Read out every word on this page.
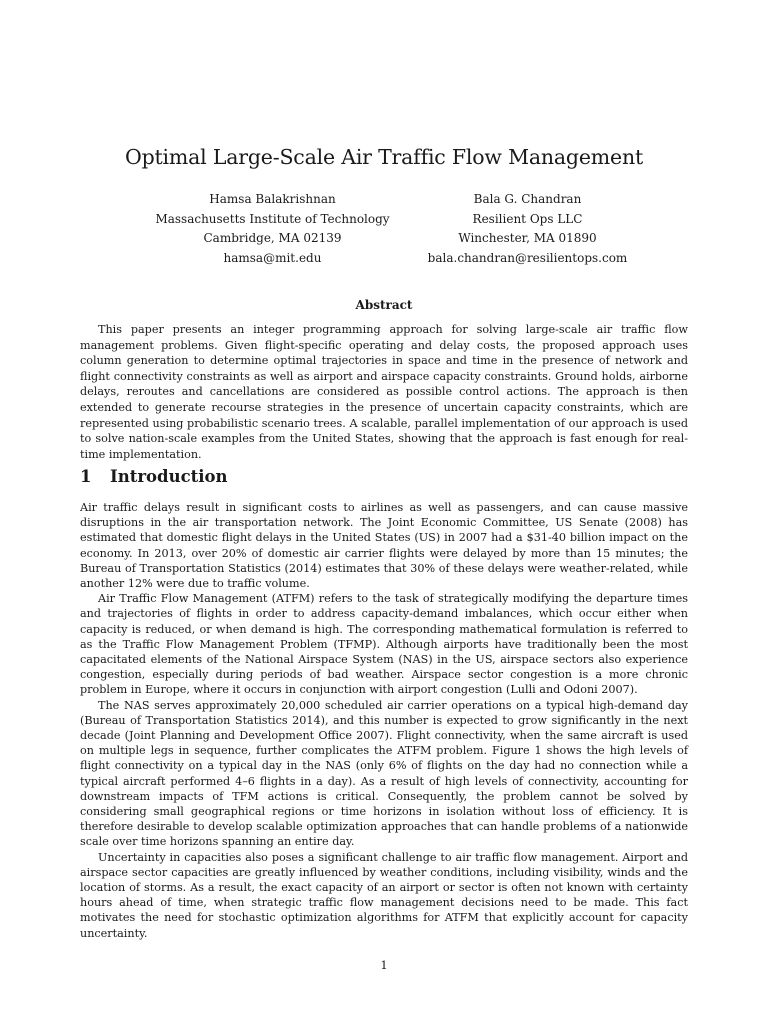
Optimal Large-Scale Air Traffic Flow Management
Hamsa Balakrishnan
Massachusetts Institute of Technology
Cambridge, MA 02139
hamsa@mit.edu
Bala G. Chandran
Resilient Ops LLC
Winchester, MA 01890
bala.chandran@resilientops.com
Abstract

This paper presents an integer programming approach for solving large-scale air traffic flow management problems. Given flight-specific operating and delay costs, the proposed approach uses column generation to determine optimal trajectories in space and time in the presence of network and flight connectivity constraints as well as airport and airspace capacity constraints. Ground holds, airborne delays, reroutes and cancellations are considered as possible control actions. The approach is then extended to generate recourse strategies in the presence of uncertain capacity constraints, which are represented using probabilistic scenario trees. A scalable, parallel implementation of our approach is used to solve nation-scale examples from the United States, showing that the approach is fast enough for real-time implementation.

1 Introduction

Air traffic delays result in significant costs to airlines as well as passengers, and can cause massive disruptions in the air transportation network. The Joint Economic Committee, US Senate (2008) has estimated that domestic flight delays in the United States (US) in 2007 had a $31-40 billion impact on the economy. In 2013, over 20% of domestic air carrier flights were delayed by more than 15 minutes; the Bureau of Transportation Statistics (2014) estimates that 30% of these delays were weather-related, while another 12% were due to traffic volume.

Air Traffic Flow Management (ATFM) refers to the task of strategically modifying the departure times and trajectories of flights in order to address capacity-demand imbalances, which occur either when capacity is reduced, or when demand is high. The corresponding mathematical formulation is referred to as the Traffic Flow Management Problem (TFMP). Although airports have traditionally been the most capacitated elements of the National Airspace System (NAS) in the US, airspace sectors also experience congestion, especially during periods of bad weather. Airspace sector congestion is a more chronic problem in Europe, where it occurs in conjunction with airport congestion (Lulli and Odoni 2007).

The NAS serves approximately 20,000 scheduled air carrier operations on a typical high-demand day (Bureau of Transportation Statistics 2014), and this number is expected to grow significantly in the next decade (Joint Planning and Development Office 2007). Flight connectivity, when the same aircraft is used on multiple legs in sequence, further complicates the ATFM problem. Figure 1 shows the high levels of flight connectivity on a typical day in the NAS (only 6% of flights on the day had no connection while a typical aircraft performed 4–6 flights in a day). As a result of high levels of connectivity, accounting for downstream impacts of TFM actions is critical. Consequently, the problem cannot be solved by considering small geographical regions or time horizons in isolation without loss of efficiency. It is therefore desirable to develop scalable optimization approaches that can handle problems of a nationwide scale over time horizons spanning an entire day.

Uncertainty in capacities also poses a significant challenge to air traffic flow management. Airport and airspace sector capacities are greatly influenced by weather conditions, including visibility, winds and the location of storms. As a result, the exact capacity of an airport or sector is often not known with certainty hours ahead of time, when strategic traffic flow management decisions need to be made. This fact motivates the need for stochastic optimization algorithms for ATFM that explicitly account for capacity uncertainty.

1
